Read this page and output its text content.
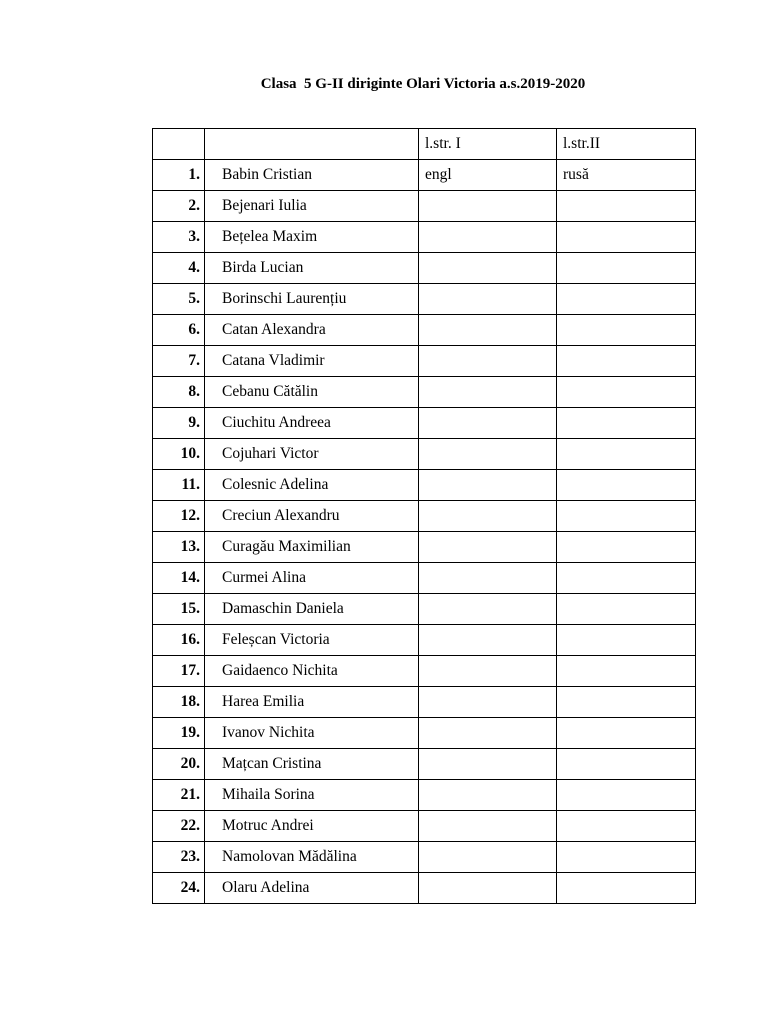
Clasa  5 G-II diriginte Olari Victoria a.s.2019-2020
		l.str. I	l.str.II
1.	Babin Cristian	engl	rusă
2.	Bejenari Iulia		
3.	Bețelea Maxim		
4.	Birda Lucian		
5.	Borinschi Laurențiu		
6.	Catan Alexandra		
7.	Catana Vladimir		
8.	Cebanu Cătălin		
9.	Ciuchitu Andreea		
10.	Cojuhari Victor		
11.	Colesnic Adelina		
12.	Creciun Alexandru		
13.	Curagău Maximilian		
14.	Curmei Alina		
15.	Damaschin Daniela		
16.	Feleșcan Victoria		
17.	Gaidaenco Nichita		
18.	Harea Emilia		
19.	Ivanov Nichita		
20.	Mațcan Cristina		
21.	Mihaila Sorina		
22.	Motruc Andrei		
23.	Namolovan Mădălina		
24.	Olaru Adelina		
